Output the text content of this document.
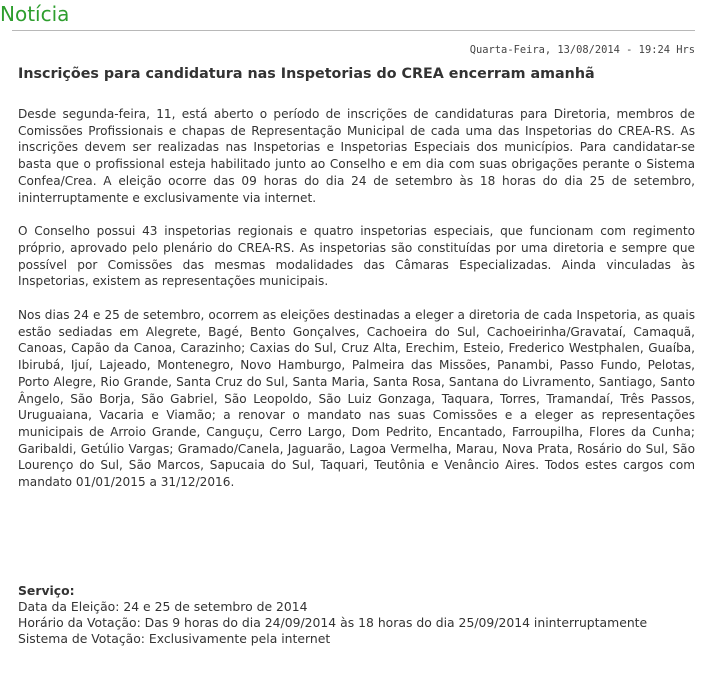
Notícia
Quarta-Feira, 13/08/2014 - 19:24 Hrs
Inscrições para candidatura nas Inspetorias do CREA encerram amanhã

Desde segunda-feira, 11, está aberto o período de inscrições de candidaturas para Diretoria, membros de Comissões Profissionais e chapas de Representação Municipal de cada uma das Inspetorias do CREA-RS. As inscrições devem ser realizadas nas Inspetorias e Inspetorias Especiais dos municípios. Para candidatar-se basta que o profissional esteja habilitado junto ao Conselho e em dia com suas obrigações perante o Sistema Confea/Crea. A eleição ocorre das 09 horas do dia 24 de setembro às 18 horas do dia 25 de setembro, ininterruptamente e exclusivamente via internet.

O Conselho possui 43 inspetorias regionais e quatro inspetorias especiais, que funcionam com regimento próprio, aprovado pelo plenário do CREA-RS. As inspetorias são constituídas por uma diretoria e sempre que possível por Comissões das mesmas modalidades das Câmaras Especializadas. Ainda vinculadas às Inspetorias, existem as representações municipais.

Nos dias 24 e 25 de setembro, ocorrem as eleições destinadas a eleger a diretoria de cada Inspetoria, as quais estão sediadas em Alegrete, Bagé, Bento Gonçalves, Cachoeira do Sul, Cachoeirinha/Gravataí, Camaquã, Canoas, Capão da Canoa, Carazinho; Caxias do Sul, Cruz Alta, Erechim, Esteio, Frederico Westphalen, Guaíba, Ibirubá, Ijuí, Lajeado, Montenegro, Novo Hamburgo, Palmeira das Missões, Panambi, Passo Fundo, Pelotas, Porto Alegre, Rio Grande, Santa Cruz do Sul, Santa Maria, Santa Rosa, Santana do Livramento, Santiago, Santo Ângelo, São Borja, São Gabriel, São Leopoldo, São Luiz Gonzaga, Taquara, Torres, Tramandaí, Três Passos, Uruguaiana, Vacaria e Viamão; a renovar o mandato nas suas Comissões e a eleger as representações municipais de Arroio Grande, Canguçu, Cerro Largo, Dom Pedrito, Encantado, Farroupilha, Flores da Cunha; Garibaldi, Getúlio Vargas; Gramado/Canela, Jaguarão, Lagoa Vermelha, Marau, Nova Prata, Rosário do Sul, São Lourenço do Sul, São Marcos, Sapucaia do Sul, Taquari, Teutônia e Venâncio Aires. Todos estes cargos com mandato 01/01/2015 a 31/12/2016.

Serviço:

Data da Eleição: 24 e 25 de setembro de 2014

Horário da Votação: Das 9 horas do dia 24/09/2014 às 18 horas do dia 25/09/2014 ininterruptamente

Sistema de Votação: Exclusivamente pela internet
